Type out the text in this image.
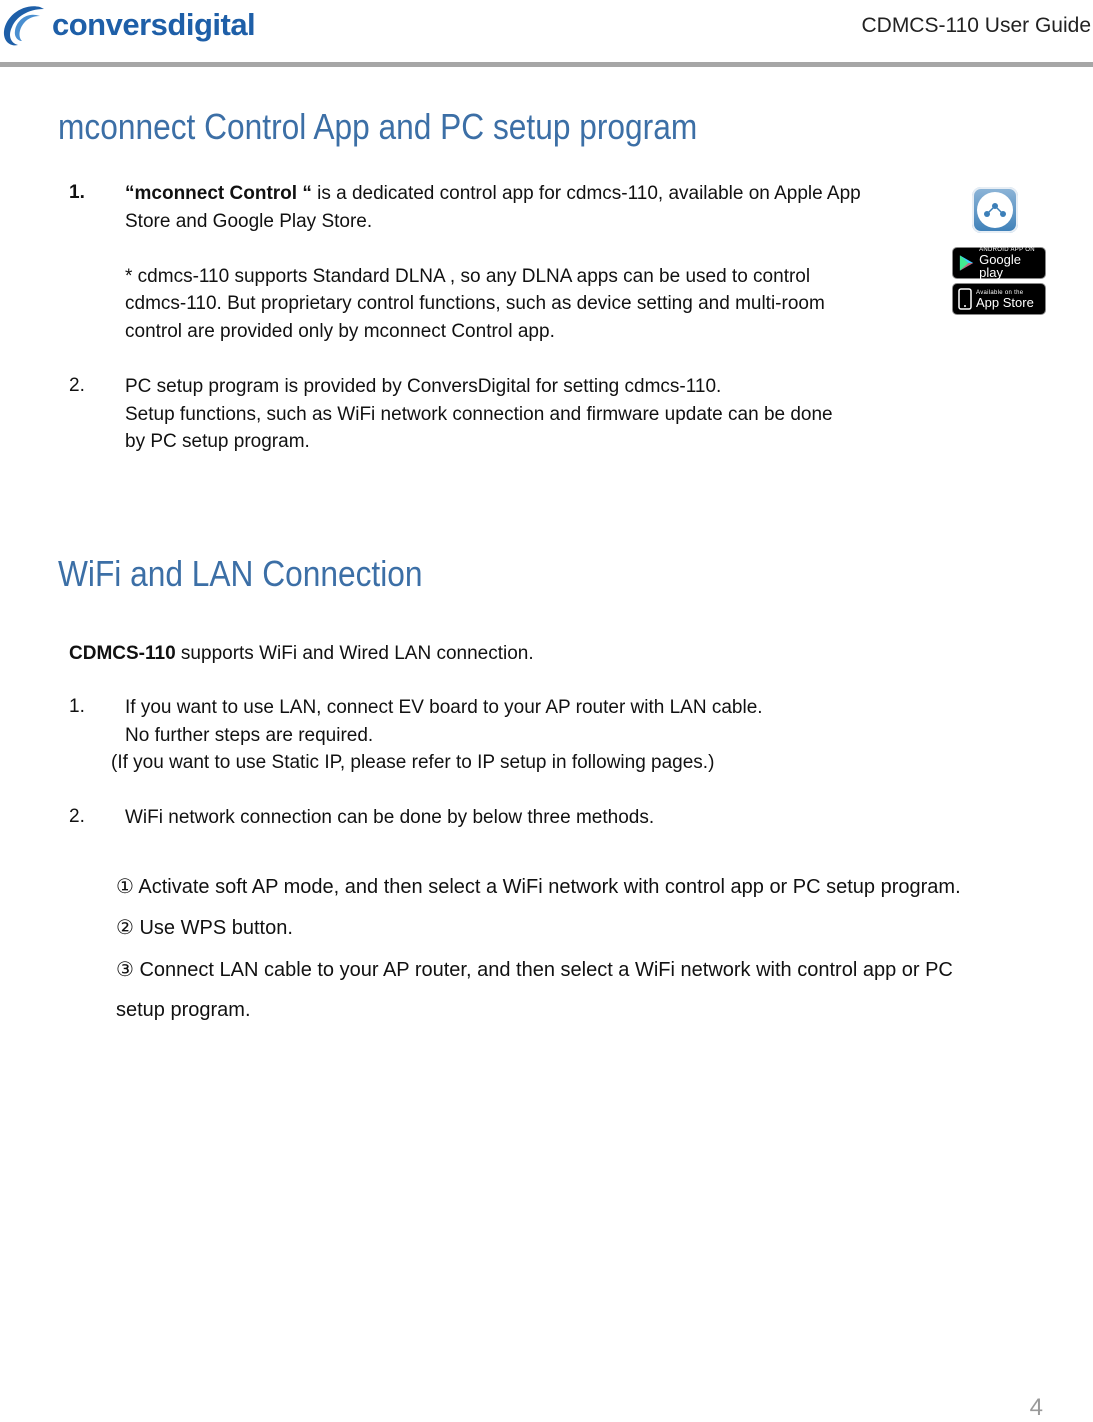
conversdigital	CDMCS-110 User Guide
mconnect Control App and PC setup program
1. “mconnect Control “ is a dedicated control app for cdmcs-110, available on Apple App
Store and Google Play Store.
* cdmcs-110 supports Standard DLNA , so any DLNA apps can be used to control
cdmcs-110. But proprietary control functions, such as device setting and multi-room
control are provided only by mconnect Control app.
2. PC setup program is provided by ConversDigital for setting cdmcs-110.
Setup functions, such as WiFi network connection and firmware update can be done
by PC setup program.
ANDROID APP ON
Google play
Available on the
App Store
WiFi and LAN Connection
CDMCS-110 supports WiFi and Wired LAN connection.
1. If you want to use LAN, connect EV board to your AP router with LAN cable.
No further steps are required.
(If you want to use Static IP, please refer to IP setup in following pages.)
2. WiFi network connection can be done by below three methods.
① Activate soft AP mode, and then select a WiFi network with control app or PC setup program.
② Use WPS button.
③ Connect LAN cable to your AP router, and then select a WiFi network with control app or PC
setup program.
4
